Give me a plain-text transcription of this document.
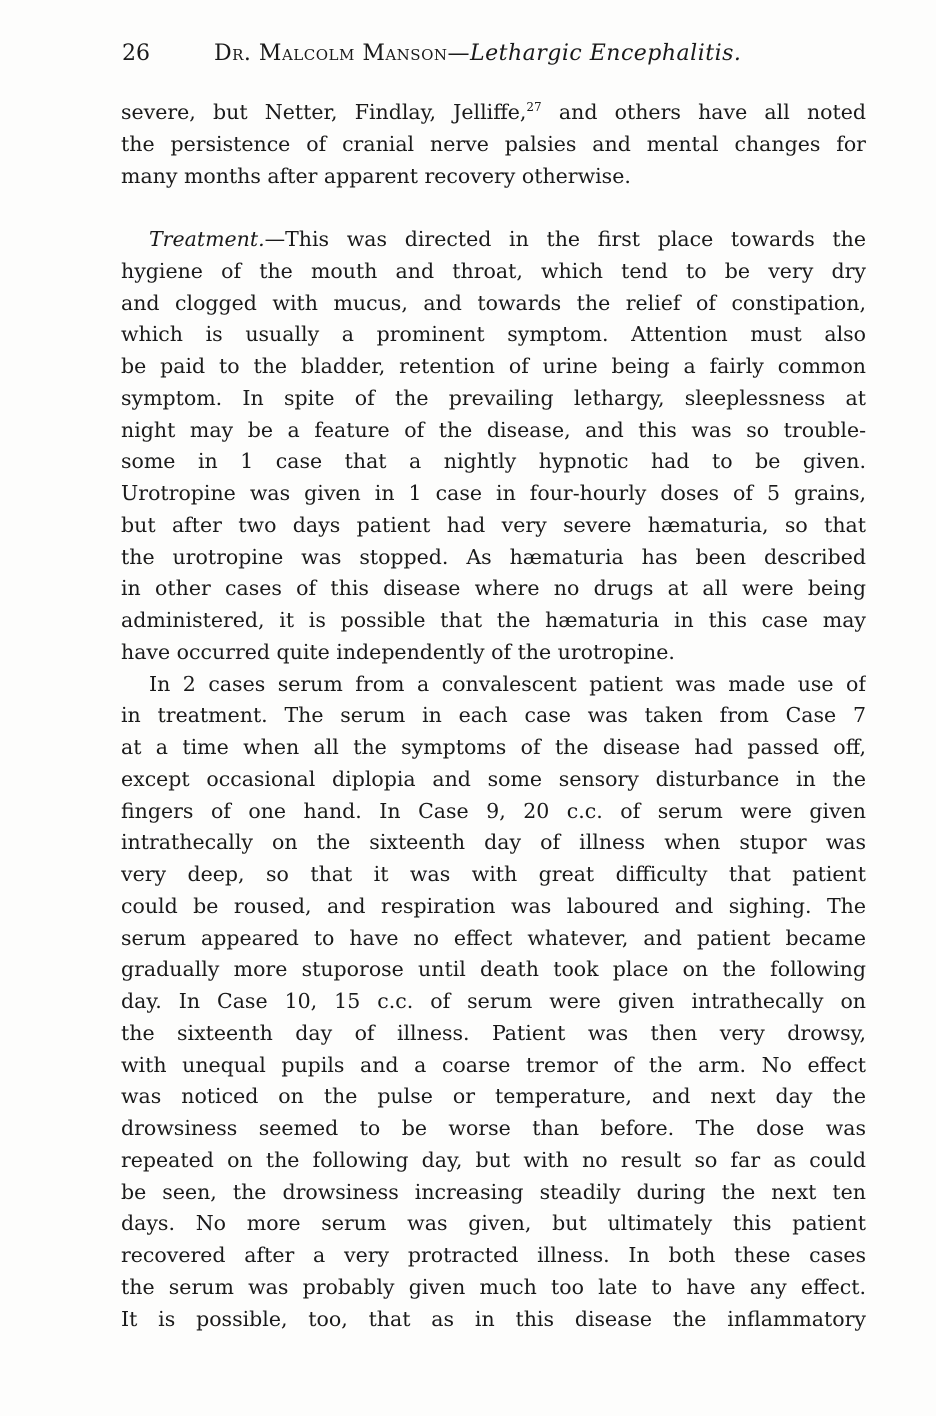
26	Dr. Malcolm Manson—Lethargic Encephalitis.
severe, but Netter, Findlay, Jelliffe,$^{27}$ and others have all noted
the persistence of cranial nerve palsies and mental changes for
many months after apparent recovery otherwise.
Treatment.—This was directed in the first place towards the
hygiene of the mouth and throat, which tend to be very dry
and clogged with mucus, and towards the relief of constipation,
which is usually a prominent symptom. Attention must also
be paid to the bladder, retention of urine being a fairly common
symptom. In spite of the prevailing lethargy, sleeplessness at
night may be a feature of the disease, and this was so trouble-
some in 1 case that a nightly hypnotic had to be given.
Urotropine was given in 1 case in four-hourly doses of 5 grains,
but after two days patient had very severe hæmaturia, so that
the urotropine was stopped. As hæmaturia has been described
in other cases of this disease where no drugs at all were being
administered, it is possible that the hæmaturia in this case may
have occurred quite independently of the urotropine.
In 2 cases serum from a convalescent patient was made use of
in treatment. The serum in each case was taken from Case 7
at a time when all the symptoms of the disease had passed off,
except occasional diplopia and some sensory disturbance in the
fingers of one hand. In Case 9, 20 c.c. of serum were given
intrathecally on the sixteenth day of illness when stupor was
very deep, so that it was with great difficulty that patient
could be roused, and respiration was laboured and sighing. The
serum appeared to have no effect whatever, and patient became
gradually more stuporose until death took place on the following
day. In Case 10, 15 c.c. of serum were given intrathecally on
the sixteenth day of illness. Patient was then very drowsy,
with unequal pupils and a coarse tremor of the arm. No effect
was noticed on the pulse or temperature, and next day the
drowsiness seemed to be worse than before. The dose was
repeated on the following day, but with no result so far as could
be seen, the drowsiness increasing steadily during the next ten
days. No more serum was given, but ultimately this patient
recovered after a very protracted illness. In both these cases
the serum was probably given much too late to have any effect.
It is possible, too, that as in this disease the inflammatory
